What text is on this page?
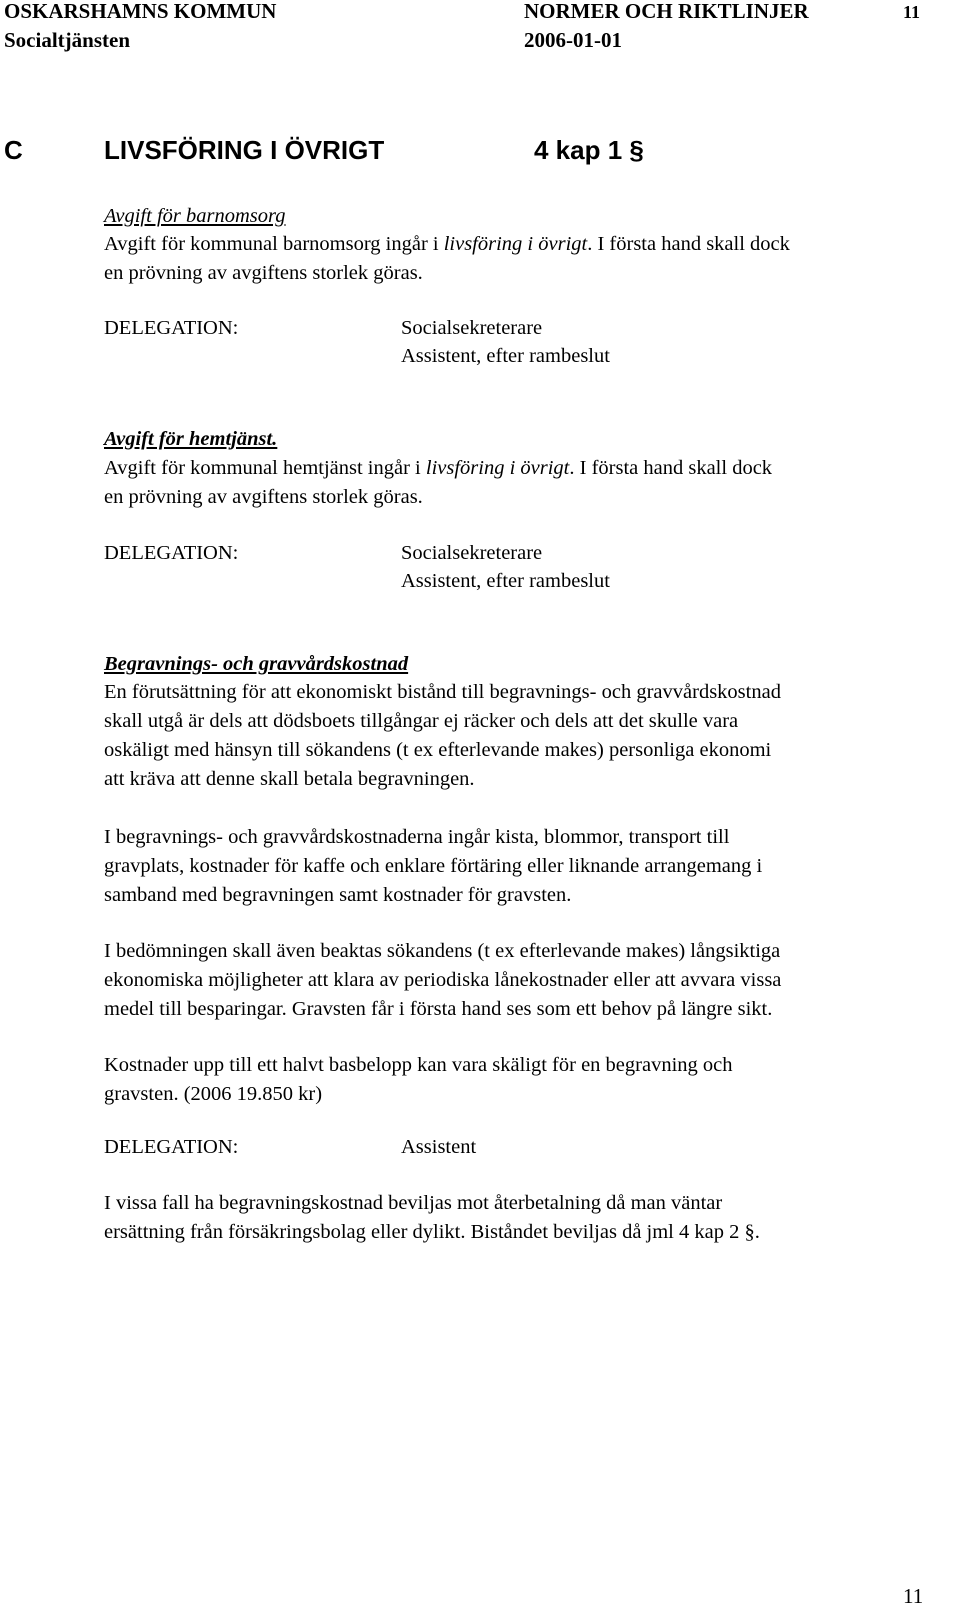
OSKARSHAMNS KOMMUN	NORMER OCH RIKTLINJER	11
Socialtjänsten	2006-01-01
C	LIVSFÖRING I ÖVRIGT	4 kap 1 §
Avgift för barnomsorg
Avgift för kommunal barnomsorg ingår i livsföring i övrigt. I första hand skall dock
en prövning av avgiftens storlek göras.
DELEGATION:	Socialsekreterare
Assistent, efter rambeslut
Avgift för hemtjänst.
Avgift för kommunal hemtjänst ingår i livsföring i övrigt. I första hand skall dock
en prövning av avgiftens storlek göras.
DELEGATION:	Socialsekreterare
Assistent, efter rambeslut
Begravnings- och gravvårdskostnad
En förutsättning för att ekonomiskt bistånd till begravnings- och gravvårdskostnad
skall utgå är dels att dödsboets tillgångar ej räcker och dels att det skulle vara
oskäligt med hänsyn till sökandens (t ex efterlevande makes) personliga ekonomi
att kräva att denne skall betala begravningen.
I begravnings- och gravvårdskostnaderna ingår kista, blommor, transport till
gravplats, kostnader för kaffe och enklare förtäring eller liknande arrangemang i
samband med begravningen samt kostnader för gravsten.
I bedömningen skall även beaktas sökandens (t ex efterlevande makes) långsiktiga
ekonomiska möjligheter att klara av periodiska lånekostnader eller att avvara vissa
medel till besparingar. Gravsten får i första hand ses som ett behov på längre sikt.
Kostnader upp till ett halvt basbelopp kan vara skäligt för en begravning och
gravsten. (2006 19.850 kr)
DELEGATION:	Assistent
I vissa fall ha begravningskostnad beviljas mot återbetalning då man väntar
ersättning från försäkringsbolag eller dylikt. Biståndet beviljas då jml 4 kap 2 §.
11
